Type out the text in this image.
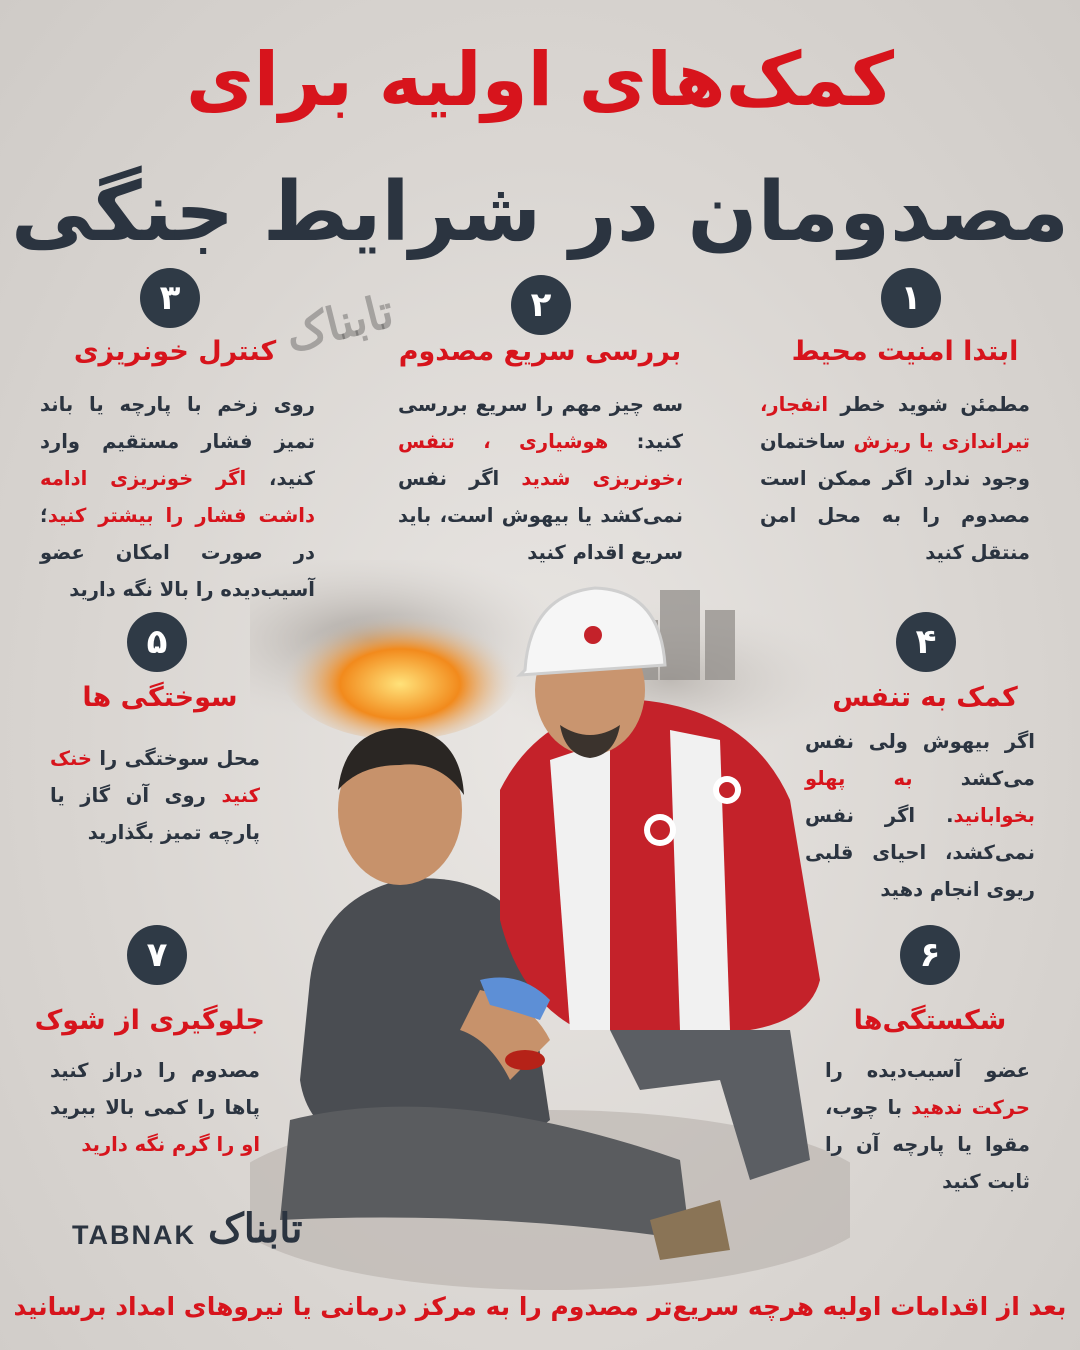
کمک‌های اولیه برای
مصدومان در شرایط جنگی
تابناک	۱
ابتدا امنیت محیط
مطمئن شوید خطر انفجار، تیراندازی یا ریزش ساختمان وجود ندارد اگر ممکن است مصدوم را به محل امن منتقل کنید
۲
بررسی سریع مصدوم
سه چیز مهم را سریع بررسی کنید: هوشیاری ، تنفس ،خونریزی شدید اگر نفس نمی‌کشد یا بیهوش است، باید سریع اقدام کنید
۳
کنترل خونریزی
روی زخم با پارچه یا باند تمیز فشار مستقیم وارد کنید، اگر خونریزی ادامه داشت فشار را بیشتر کنید؛ در صورت امکان عضو آسیب‌دیده را بالا نگه دارید
۴
کمک به تنفس
اگر بیهوش ولی نفس می‌کشد به پهلو بخوابانید. اگر نفس نمی‌کشد، احیای قلبی ریوی انجام دهید
۵
سوختگی ها
محل سوختگی را خنک کنید روی آن گاز یا پارچه تمیز بگذارید
۶
شکستگی‌ها
عضو آسیب‌دیده را حرکت ندهید با چوب، مقوا یا پارچه آن را ثابت کنید
۷
جلوگیری از شوک
مصدوم را دراز کنید پاها را کمی بالا ببرید او را گرم نگه دارید
TABNAK تابناک
بعد از اقدامات اولیه هرچه سریع‌تر مصدوم را به مرکز درمانی یا نیروهای امداد برسانید
